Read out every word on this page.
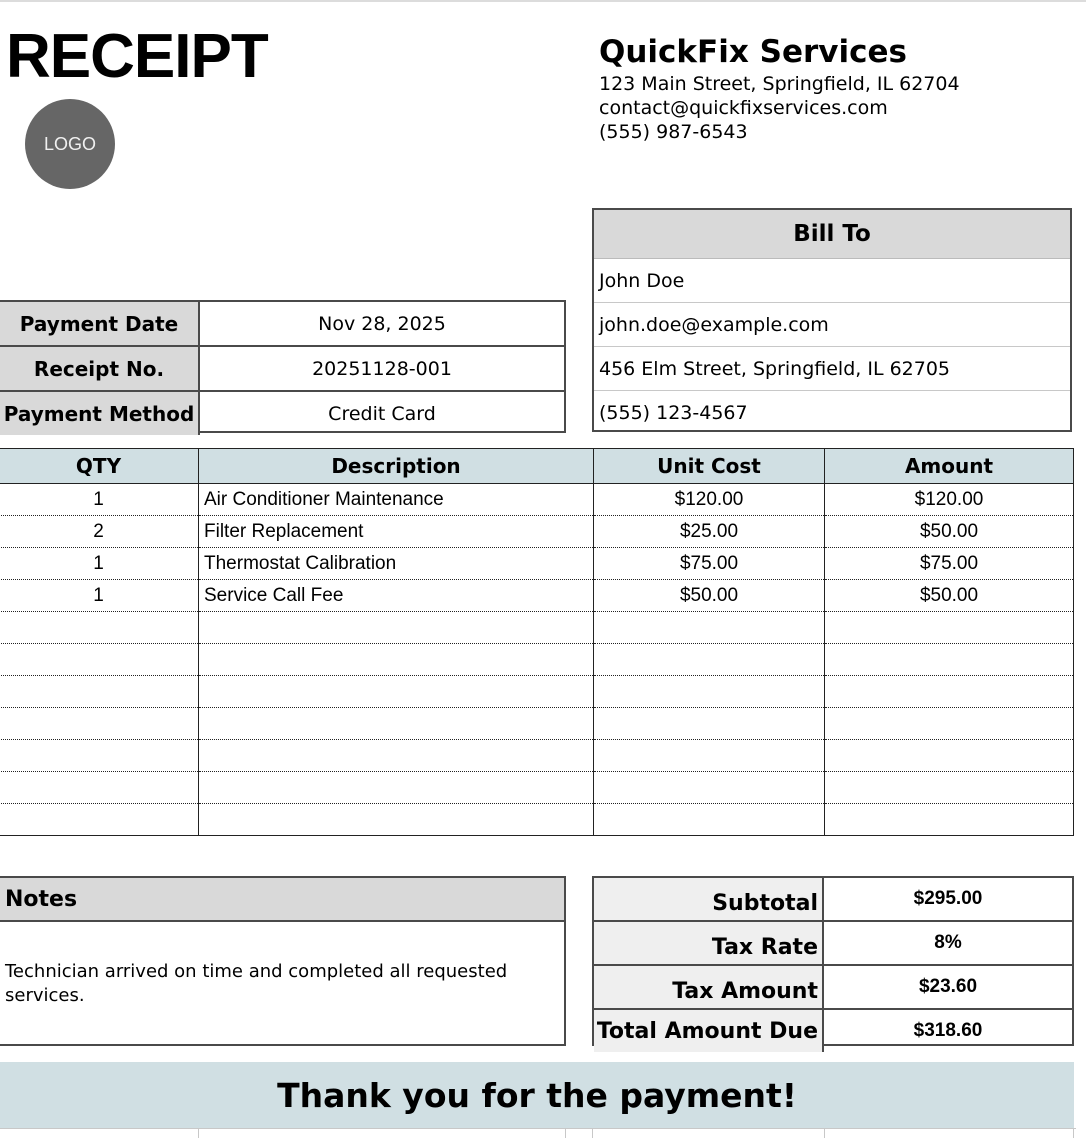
RECEIPT
LOGO
QuickFix Services
123 Main Street, Springfield, IL 62704
contact@quickfixservices.com
(555) 987-6543
Bill To
John Doe
john.doe@example.com
456 Elm Street, Springfield, IL 62705
(555) 123-4567
Payment Date	Nov 28, 2025
Receipt No.	20251128-001
Payment Method	Credit Card
QTY	Description	Unit Cost	Amount
1	Air Conditioner Maintenance	$120.00	$120.00
2	Filter Replacement	$25.00	$50.00
1	Thermostat Calibration	$75.00	$75.00
1	Service Call Fee	$50.00	$50.00

Notes
Technician arrived on time and completed all requested services.
Subtotal	$295.00
Tax Rate	8%
Tax Amount	$23.60
Total Amount Due	$318.60
Thank you for the payment!
